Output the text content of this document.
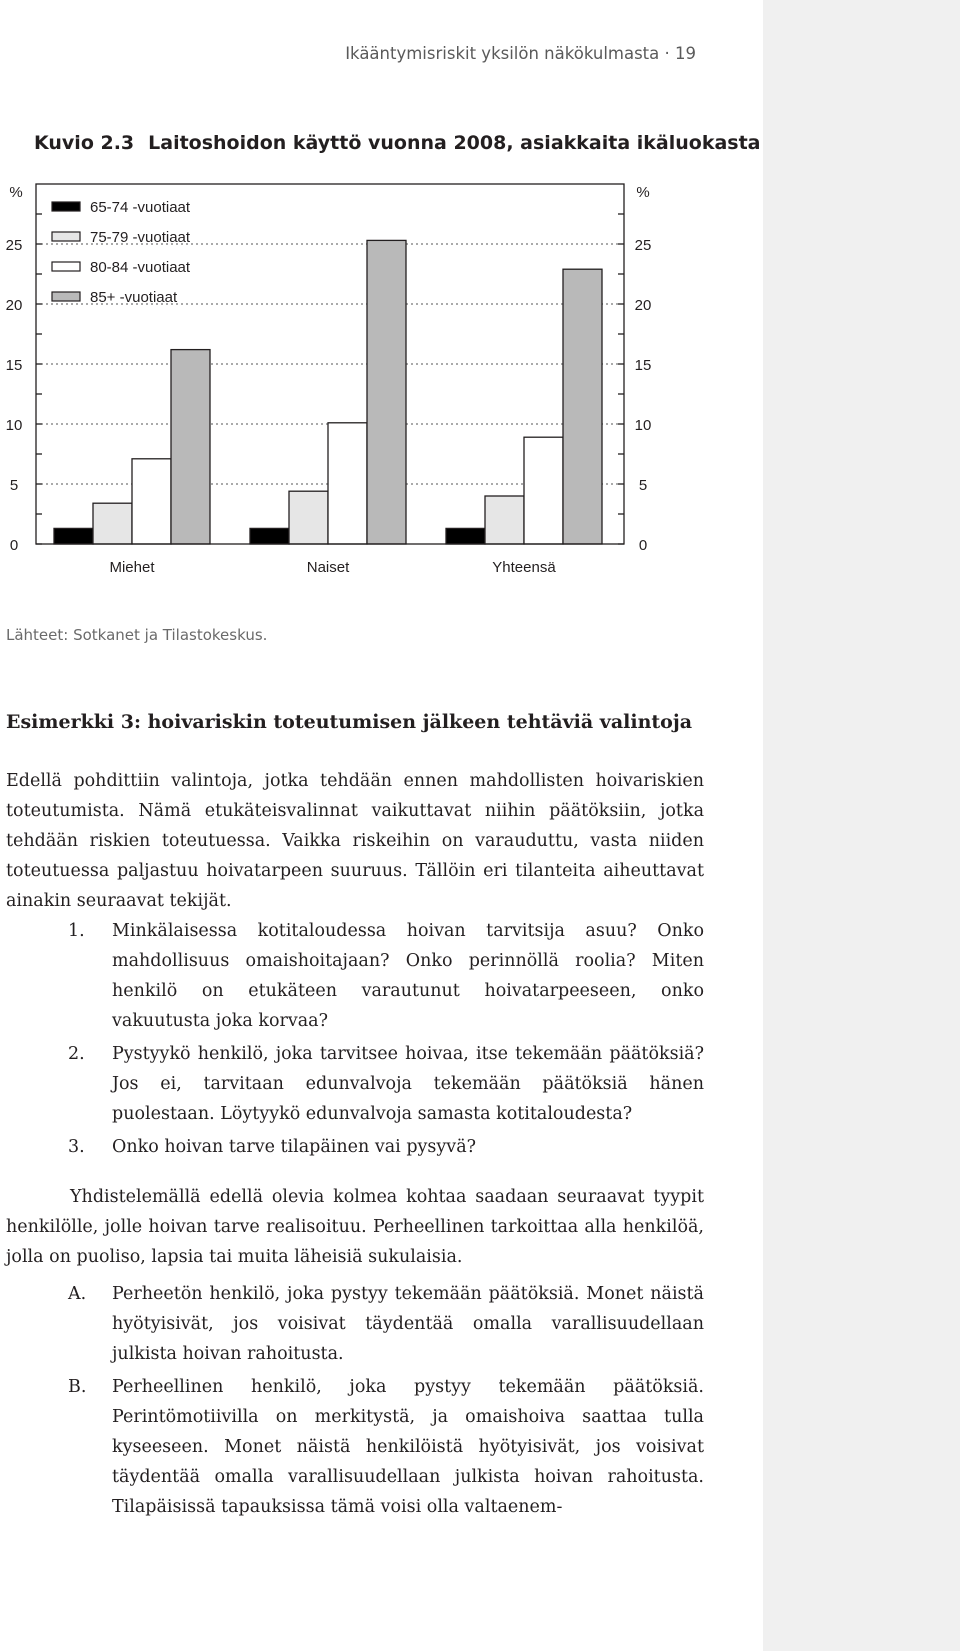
Ikääntymisriskit yksilön näkökulmasta · 19
Kuvio 2.3 Laitoshoidon käyttö vuonna 2008, asiakkaita ikäluokasta
0	0
5	5
10	10
15	15
20	20
25	25
65-74 -vuotiaat
75-79 -vuotiaat
80-84 -vuotiaat
85+ -vuotiaat
%	%
Miehet	Naiset	Yhteensä
Lähteet: Sotkanet ja Tilastokeskus.
Esimerkki 3: hoivariskin toteutumisen jälkeen tehtäviä valintoja
Edellä pohdittiin valintoja, jotka tehdään ennen mahdollisten hoivariskien toteutumista. Nämä etukäteisvalinnat vaikuttavat niihin päätöksiin, jotka tehdään riskien toteutuessa. Vaikka riskeihin on varauduttu, vasta niiden toteutuessa paljastuu hoivatarpeen suuruus. Tällöin eri tilanteita aiheuttavat ainakin seuraavat tekijät.
1. Minkälaisessa kotitaloudessa hoivan tarvitsija asuu? Onko mahdollisuus omaishoitajaan? Onko perinnöllä roolia? Miten henkilö on etukäteen varautunut hoivatarpeeseen, onko vakuutusta joka korvaa?
2. Pystyykö henkilö, joka tarvitsee hoivaa, itse tekemään päätöksiä? Jos ei, tarvitaan edunvalvoja tekemään päätöksiä hänen puolestaan. Löytyykö edunvalvoja samasta kotitaloudesta?
3. Onko hoivan tarve tilapäinen vai pysyvä?
Yhdistelemällä edellä olevia kolmea kohtaa saadaan seuraavat tyypit henkilölle, jolle hoivan tarve realisoituu. Perheellinen tarkoittaa alla henkilöä, jolla on puoliso, lapsia tai muita läheisiä sukulaisia.
A. Perheetön henkilö, joka pystyy tekemään päätöksiä. Monet näistä hyötyisivät, jos voisivat täydentää omalla varallisuudellaan julkista hoivan rahoitusta.
B. Perheellinen henkilö, joka pystyy tekemään päätöksiä. Perintömotiivilla on merkitystä, ja omaishoiva saattaa tulla kyseeseen. Monet näistä henkilöistä hyötyisivät, jos voisivat täydentää omalla varallisuudellaan julkista hoivan rahoitusta. Tilapäisissä tapauksissa tämä voisi olla valtaenem-
